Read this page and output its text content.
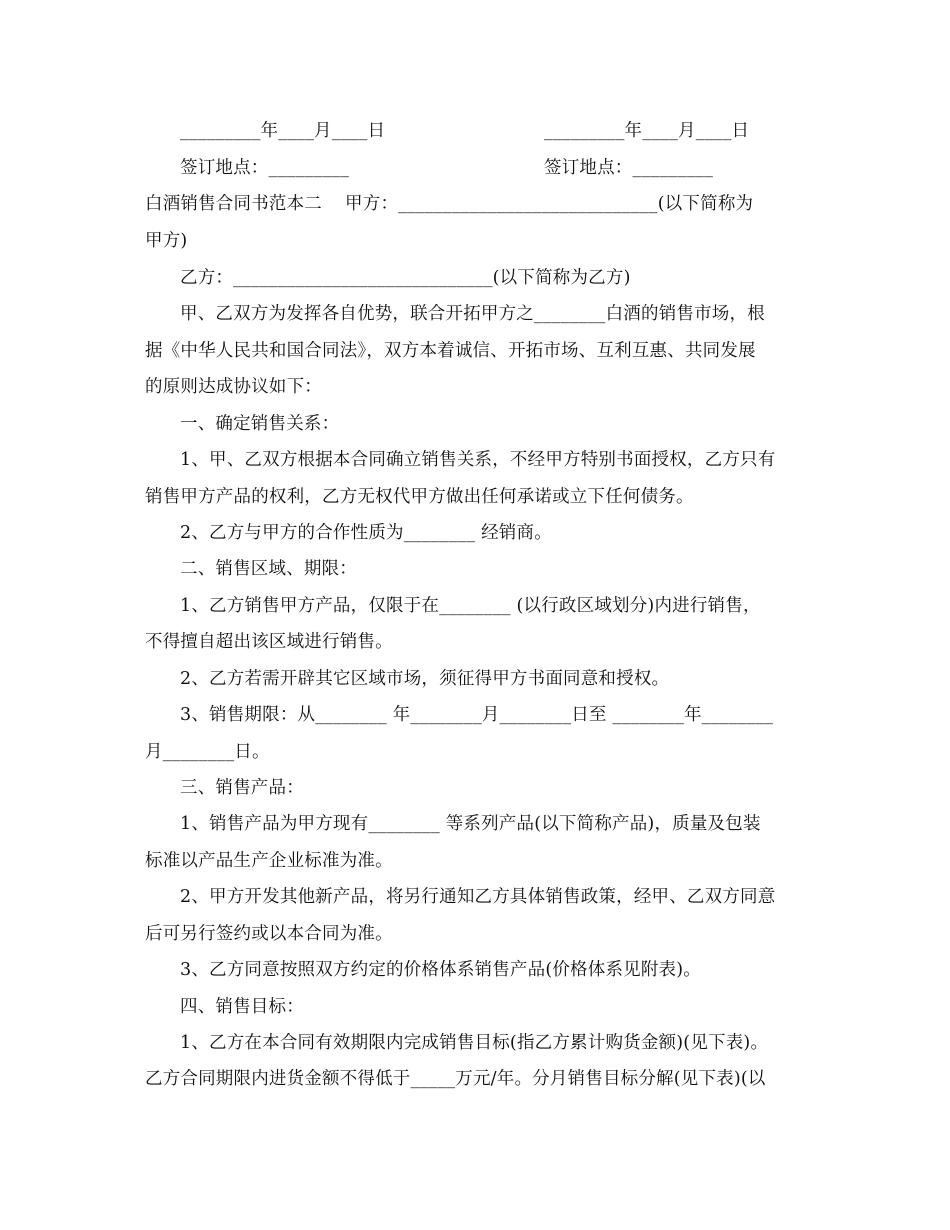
_________年____月____日	_________年____月____日
签订地点：_________	签订地点：_________
白酒销售合同书范本二    甲方：_____________________________(以下简称为
甲方)
乙方：_____________________________(以下简称为乙方)
甲、乙双方为发挥各自优势，联合开拓甲方之________白酒的销售市场，根
据《中华人民共和国合同法》，双方本着诚信、开拓市场、互利互惠、共同发展
的原则达成协议如下：
一、确定销售关系：
1、甲、乙双方根据本合同确立销售关系，不经甲方特别书面授权，乙方只有
销售甲方产品的权利，乙方无权代甲方做出任何承诺或立下任何债务。
2、乙方与甲方的合作性质为________ 经销商。
二、销售区域、期限：
1、乙方销售甲方产品，仅限于在________ (以行政区域划分)内进行销售，
不得擅自超出该区域进行销售。
2、乙方若需开辟其它区域市场，须征得甲方书面同意和授权。
3、销售期限：从________ 年________月________日至 ________年________
月________日。
三、销售产品：
1、销售产品为甲方现有________ 等系列产品(以下简称产品)，质量及包装
标准以产品生产企业标准为准。
2、甲方开发其他新产品，将另行通知乙方具体销售政策，经甲、乙双方同意
后可另行签约或以本合同为准。
3、乙方同意按照双方约定的价格体系销售产品(价格体系见附表)。
四、销售目标：
1、乙方在本合同有效期限内完成销售目标(指乙方累计购货金额)(见下表)。
乙方合同期限内进货金额不得低于_____万元/年。分月销售目标分解(见下表)(以
